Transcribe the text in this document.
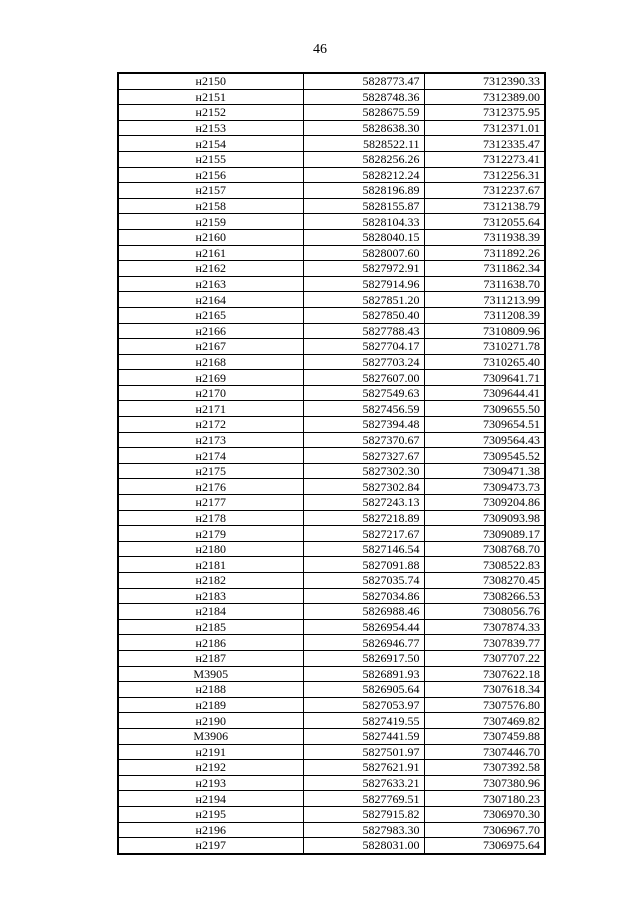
46
н2150	5828773.47	7312390.33
н2151	5828748.36	7312389.00
н2152	5828675.59	7312375.95
н2153	5828638.30	7312371.01
н2154	5828522.11	7312335.47
н2155	5828256.26	7312273.41
н2156	5828212.24	7312256.31
н2157	5828196.89	7312237.67
н2158	5828155.87	7312138.79
н2159	5828104.33	7312055.64
н2160	5828040.15	7311938.39
н2161	5828007.60	7311892.26
н2162	5827972.91	7311862.34
н2163	5827914.96	7311638.70
н2164	5827851.20	7311213.99
н2165	5827850.40	7311208.39
н2166	5827788.43	7310809.96
н2167	5827704.17	7310271.78
н2168	5827703.24	7310265.40
н2169	5827607.00	7309641.71
н2170	5827549.63	7309644.41
н2171	5827456.59	7309655.50
н2172	5827394.48	7309654.51
н2173	5827370.67	7309564.43
н2174	5827327.67	7309545.52
н2175	5827302.30	7309471.38
н2176	5827302.84	7309473.73
н2177	5827243.13	7309204.86
н2178	5827218.89	7309093.98
н2179	5827217.67	7309089.17
н2180	5827146.54	7308768.70
н2181	5827091.88	7308522.83
н2182	5827035.74	7308270.45
н2183	5827034.86	7308266.53
н2184	5826988.46	7308056.76
н2185	5826954.44	7307874.33
н2186	5826946.77	7307839.77
н2187	5826917.50	7307707.22
М3905	5826891.93	7307622.18
н2188	5826905.64	7307618.34
н2189	5827053.97	7307576.80
н2190	5827419.55	7307469.82
М3906	5827441.59	7307459.88
н2191	5827501.97	7307446.70
н2192	5827621.91	7307392.58
н2193	5827633.21	7307380.96
н2194	5827769.51	7307180.23
н2195	5827915.82	7306970.30
н2196	5827983.30	7306967.70
н2197	5828031.00	7306975.64
